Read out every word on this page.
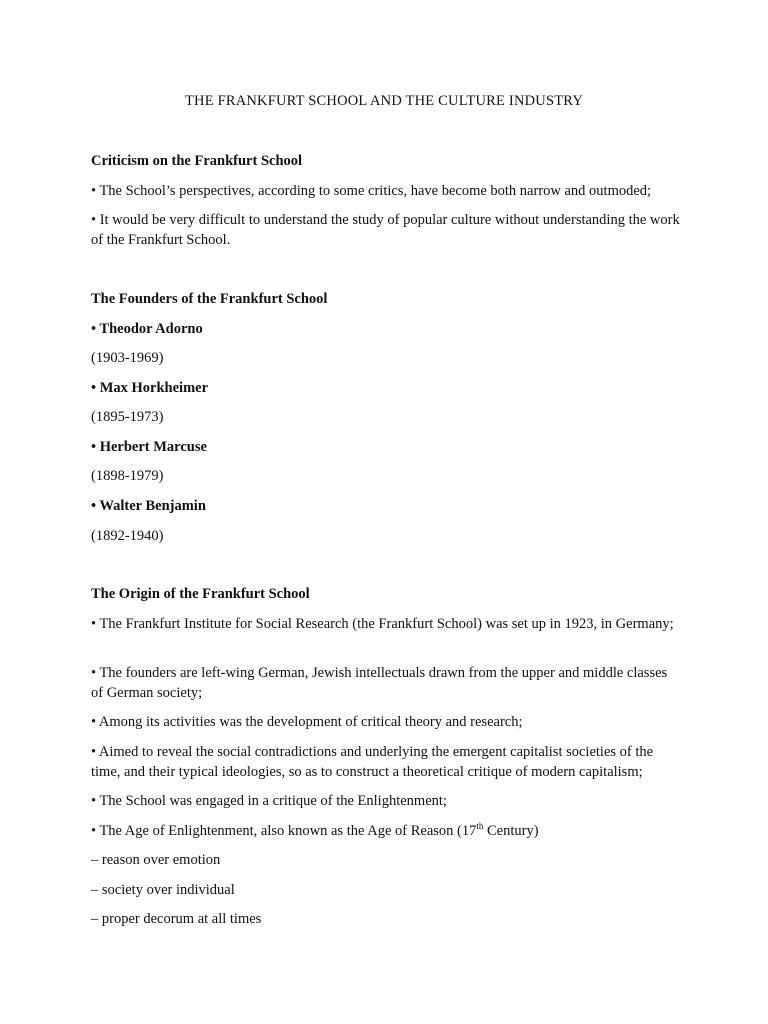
THE FRANKFURT SCHOOL AND THE CULTURE INDUSTRY

Criticism on the Frankfurt School

• The School’s perspectives, according to some critics, have become both narrow and outmoded;

• It would be very difficult to understand the study of popular culture without understanding the work of the Frankfurt School.

The Founders of the Frankfurt School

• Theodor Adorno

(1903-1969)

• Max Horkheimer

(1895-1973)

• Herbert Marcuse

(1898-1979)

• Walter Benjamin

(1892-1940)

The Origin of the Frankfurt School

• The Frankfurt Institute for Social Research (the Frankfurt School) was set up in 1923, in Germany;

• The founders are left-wing German, Jewish intellectuals drawn from the upper and middle classes of German society;

• Among its activities was the development of critical theory and research;

• Aimed to reveal the social contradictions and underlying the emergent capitalist societies of the time, and their typical ideologies, so as to construct a theoretical critique of modern capitalism;

• The School was engaged in a critique of the Enlightenment;

• The Age of Enlightenment, also known as the Age of Reason (17th Century)

– reason over emotion

– society over individual

– proper decorum at all times
